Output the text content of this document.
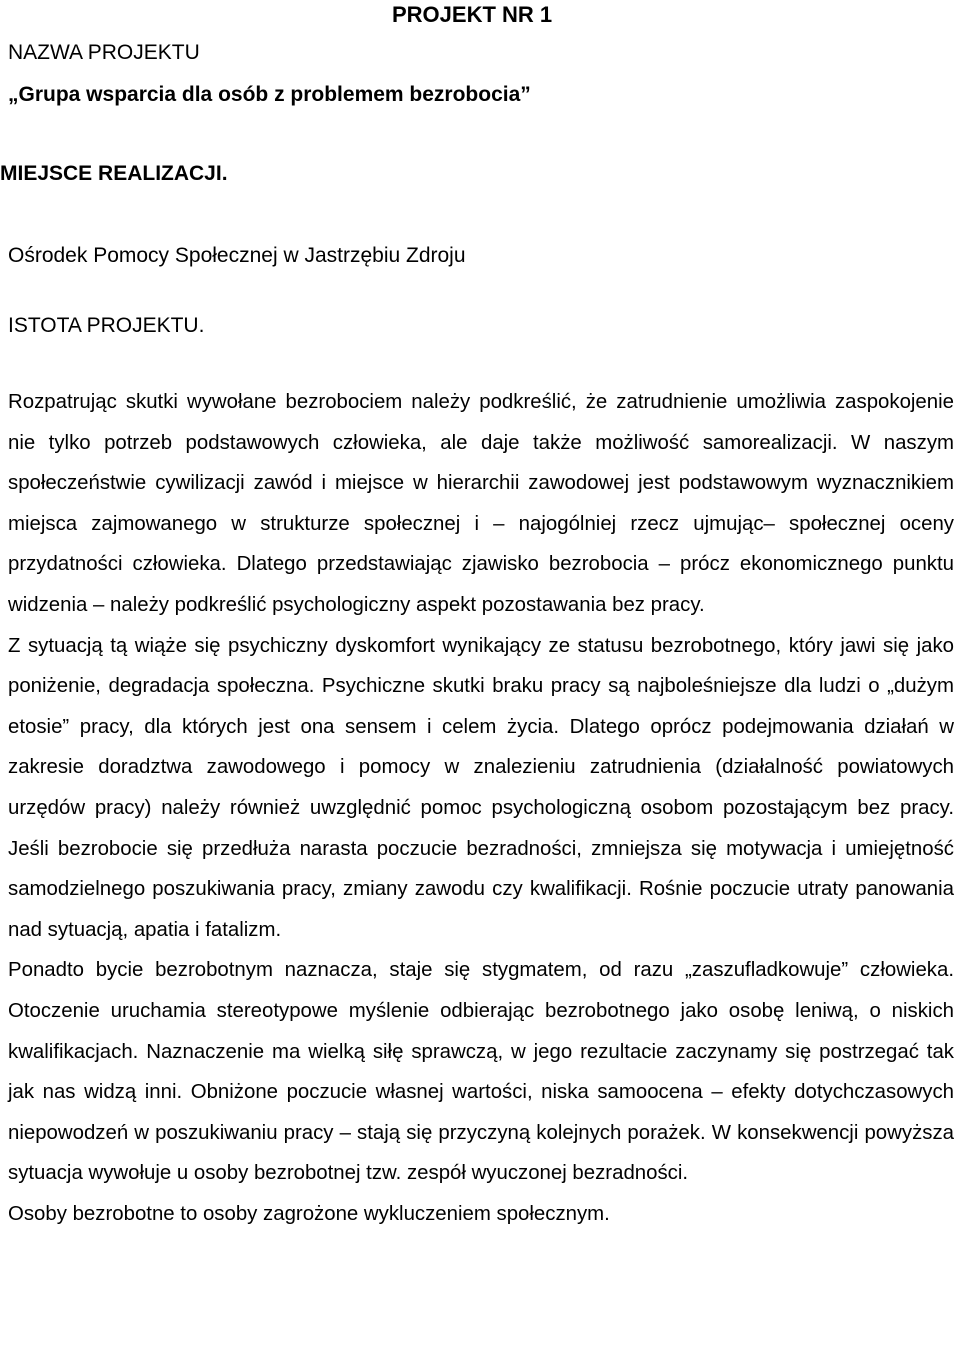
PROJEKT NR 1
NAZWA PROJEKTU
„Grupa wsparcia dla osób z problemem bezrobocia”
MIEJSCE REALIZACJI.
Ośrodek Pomocy Społecznej w Jastrzębiu Zdroju
ISTOTA PROJEKTU.

Rozpatrując skutki wywołane bezrobociem należy podkreślić, że zatrudnienie umożliwia zaspokojenie nie tylko potrzeb podstawowych człowieka, ale daje także możliwość samorealizacji. W naszym społeczeństwie cywilizacji zawód i miejsce w hierarchii zawodowej jest podstawowym wyznacznikiem miejsca zajmowanego w strukturze społecznej i – najogólniej rzecz ujmując– społecznej oceny przydatności człowieka. Dlatego przedstawiając zjawisko bezrobocia – prócz ekonomicznego punktu widzenia – należy podkreślić psychologiczny aspekt pozostawania bez pracy.

Z sytuacją tą wiąże się psychiczny dyskomfort wynikający ze statusu bezrobotnego, który jawi się jako poniżenie, degradacja społeczna. Psychiczne skutki braku pracy są najboleśniejsze dla ludzi o „dużym etosie” pracy, dla których jest ona sensem i celem życia. Dlatego oprócz podejmowania działań w zakresie doradztwa zawodowego i pomocy w znalezieniu zatrudnienia (działalność powiatowych urzędów pracy) należy również uwzględnić pomoc psychologiczną osobom pozostającym bez pracy. Jeśli bezrobocie się przedłuża narasta poczucie bezradności, zmniejsza się motywacja i umiejętność samodzielnego poszukiwania pracy, zmiany zawodu czy kwalifikacji. Rośnie poczucie utraty panowania nad sytuacją, apatia i fatalizm.

Ponadto bycie bezrobotnym naznacza, staje się stygmatem, od razu „zaszufladkowuje” człowieka. Otoczenie uruchamia stereotypowe myślenie odbierając bezrobotnego jako osobę leniwą, o niskich kwalifikacjach. Naznaczenie ma wielką siłę sprawczą, w jego rezultacie zaczynamy się postrzegać tak jak nas widzą inni. Obniżone poczucie własnej wartości, niska samoocena – efekty dotychczasowych niepowodzeń w poszukiwaniu pracy – stają się przyczyną kolejnych porażek. W konsekwencji powyższa sytuacja wywołuje u osoby bezrobotnej tzw. zespół wyuczonej bezradności.

Osoby bezrobotne to osoby zagrożone wykluczeniem społecznym.
